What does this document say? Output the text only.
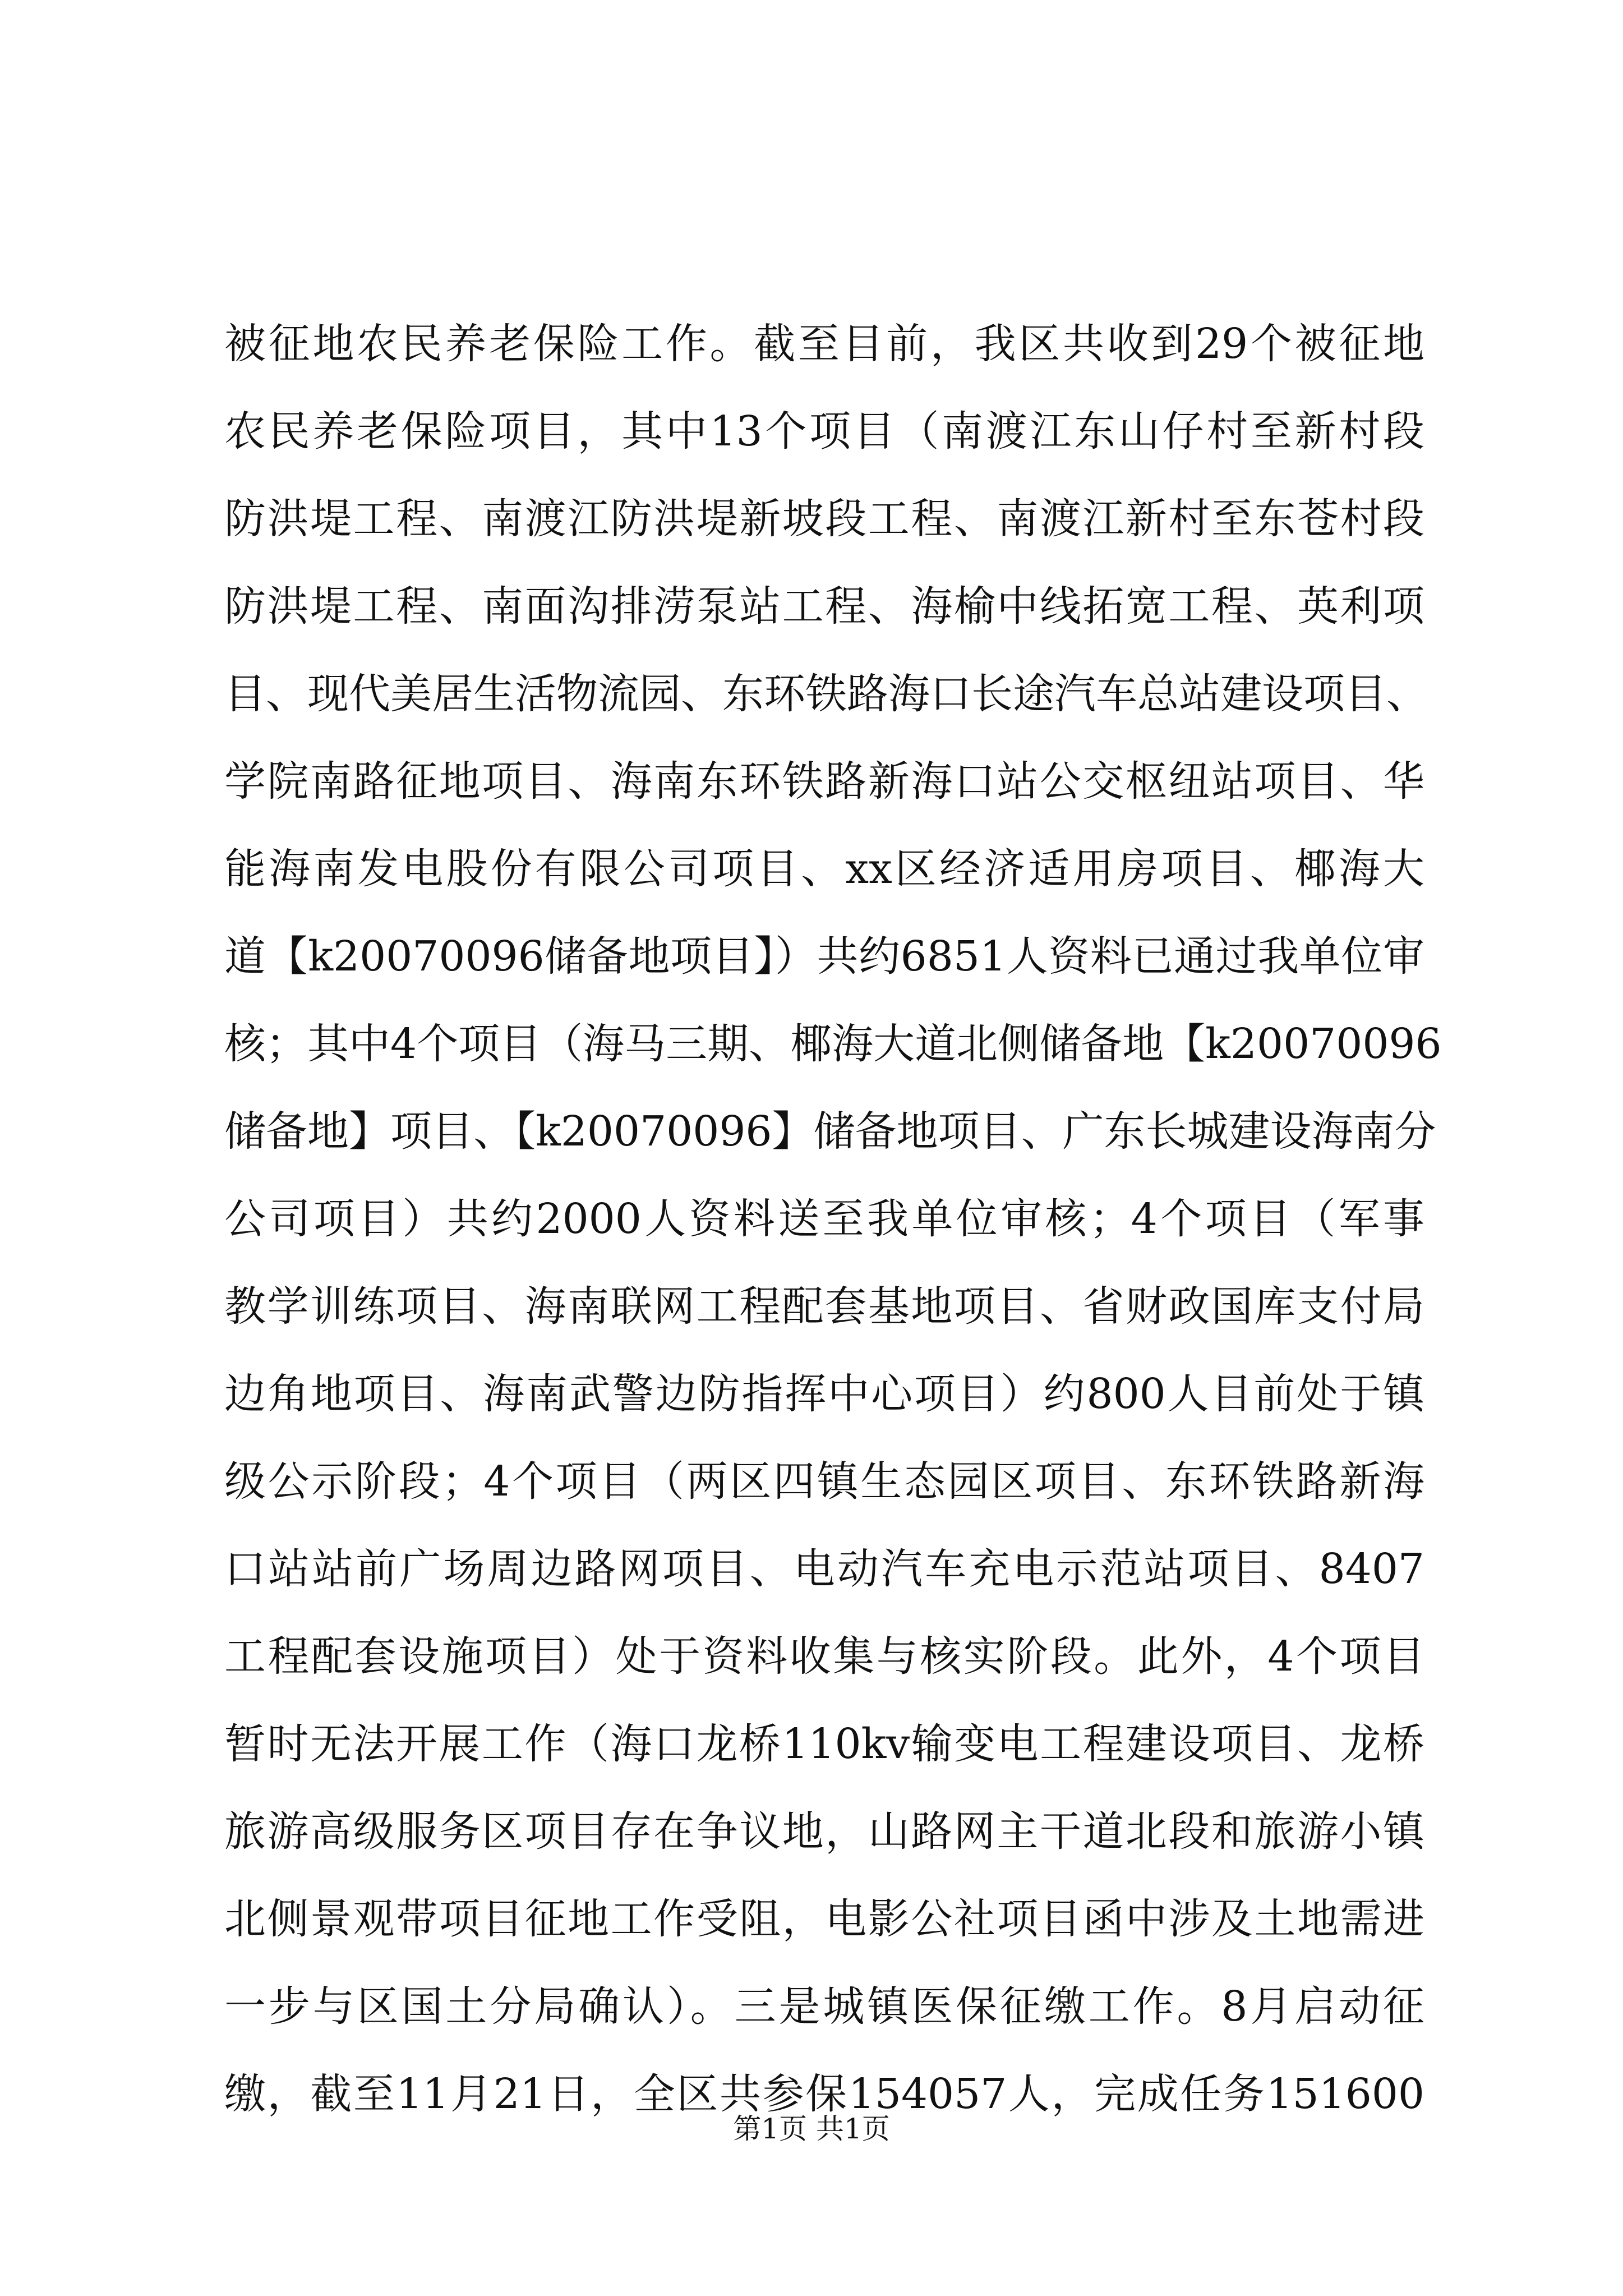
被征地农民养老保险工作。截至目前，我区共收到29个被征地
农民养老保险项目，其中13个项目（南渡江东山仔村至新村段
防洪堤工程、南渡江防洪堤新坡段工程、南渡江新村至东苍村段
防洪堤工程、南面沟排涝泵站工程、海榆中线拓宽工程、英利项
目、现代美居生活物流园、东环铁路海口长途汽车总站建设项目、
学院南路征地项目、海南东环铁路新海口站公交枢纽站项目、华
能海南发电股份有限公司项目、xx区经济适用房项目、椰海大
道【k20070096储备地项目】）共约6851人资料已通过我单位审
核；其中4个项目（海马三期、椰海大道北侧储备地【k20070096
储备地】项目、【k20070096】储备地项目、广东长城建设海南分
公司项目）共约2000人资料送至我单位审核；4个项目（军事
教学训练项目、海南联网工程配套基地项目、省财政国库支付局
边角地项目、海南武警边防指挥中心项目）约800人目前处于镇
级公示阶段；4个项目（两区四镇生态园区项目、东环铁路新海
口站站前广场周边路网项目、电动汽车充电示范站项目、8407
工程配套设施项目）处于资料收集与核实阶段。此外，4个项目
暂时无法开展工作（海口龙桥110kv输变电工程建设项目、龙桥
旅游高级服务区项目存在争议地，山路网主干道北段和旅游小镇
北侧景观带项目征地工作受阻，电影公社项目函中涉及土地需进
一步与区国土分局确认）。三是城镇医保征缴工作。8月启动征
缴，截至11月21日，全区共参保154057人，完成任务151600
第1页 共1页
